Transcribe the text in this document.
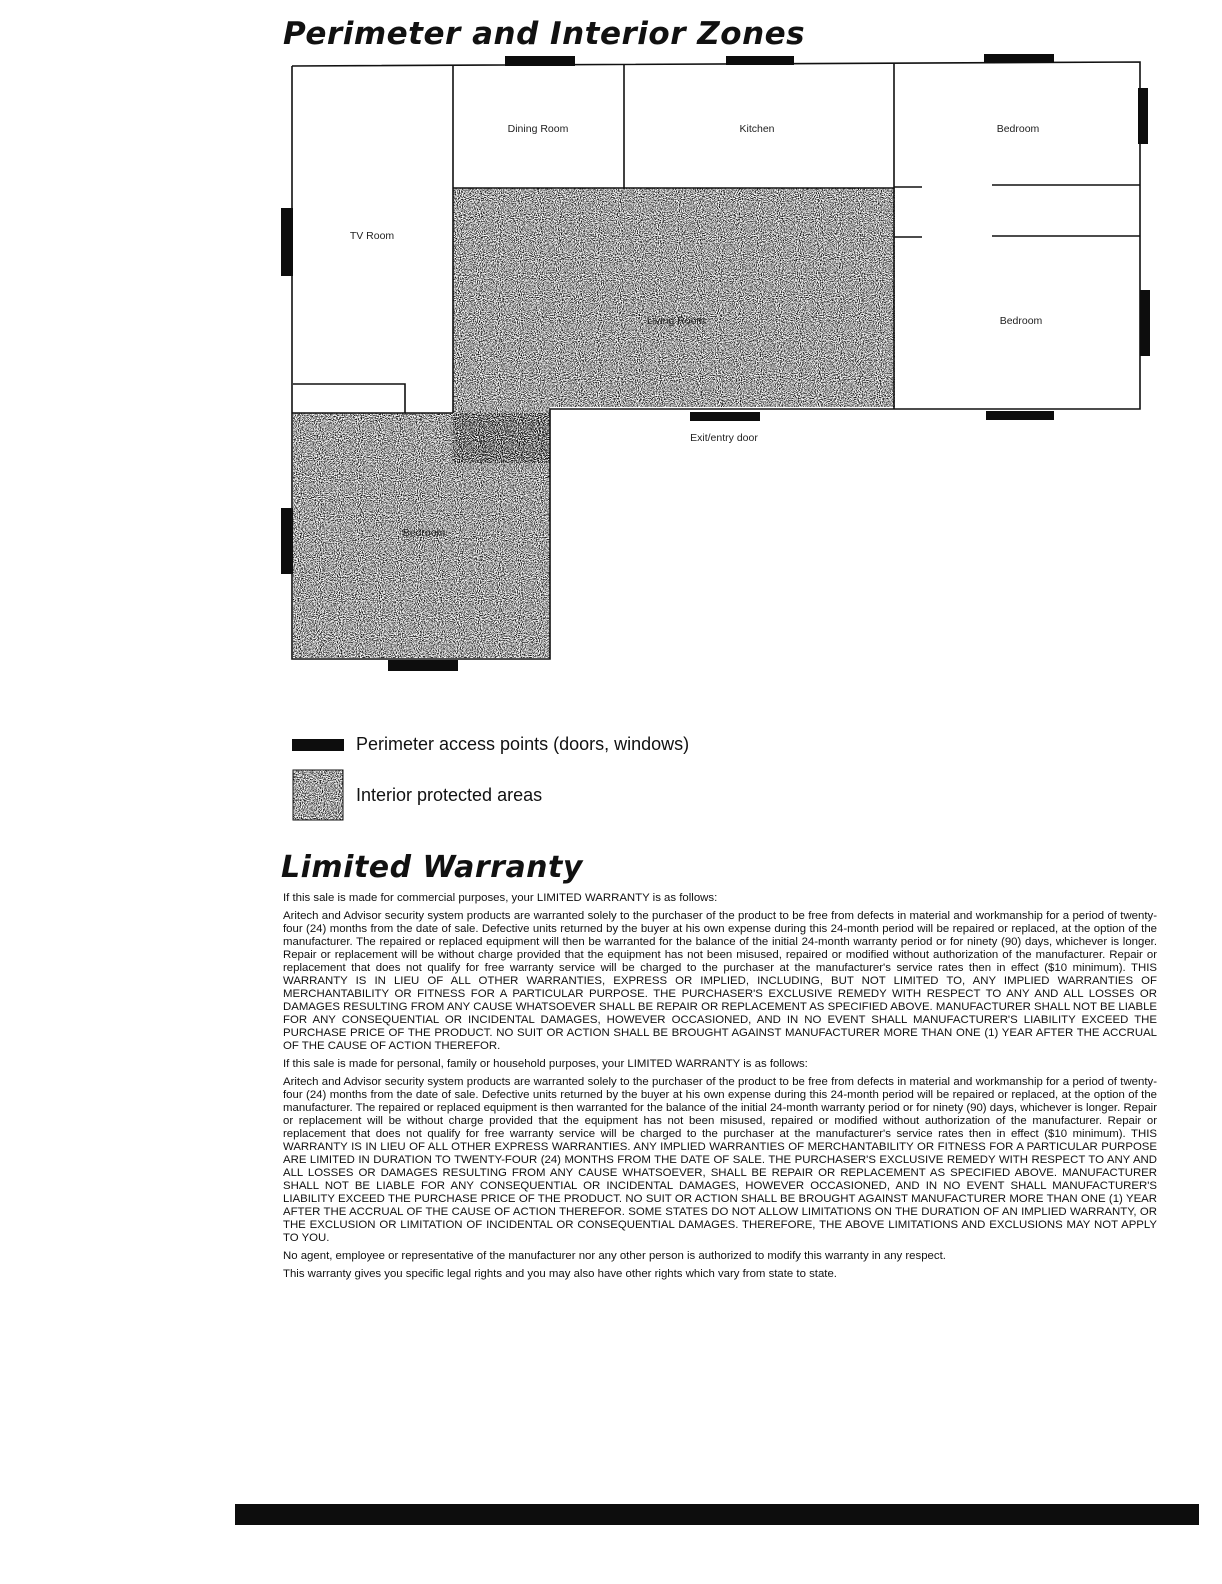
Perimeter and Interior Zones
Dining Room	Kitchen	Bedroom
TV Room
Living Room	Bedroom
Bedroom
Exit/entry door
Perimeter access points (doors, windows)
Interior protected areas
Limited Warranty

If this sale is made for commercial purposes, your LIMITED WARRANTY is as follows:

Aritech and Advisor security system products are warranted solely to the purchaser of the product to be free from defects in material and workmanship for a period of twenty-four (24) months from the date of sale. Defective units returned by the buyer at his own expense during this 24-month period will be repaired or replaced, at the option of the manufacturer. The repaired or replaced equipment will then be warranted for the balance of the initial 24-month warranty period or for ninety (90) days, whichever is longer. Repair or replacement will be without charge provided that the equipment has not been misused, repaired or modified without authorization of the manufacturer. Repair or replacement that does not qualify for free warranty service will be charged to the purchaser at the manufacturer's service rates then in effect ($10 minimum). THIS WARRANTY IS IN LIEU OF ALL OTHER WARRANTIES, EXPRESS OR IMPLIED, INCLUDING, BUT NOT LIMITED TO, ANY IMPLIED WARRANTIES OF MERCHANTABILITY OR FITNESS FOR A PARTICULAR PURPOSE. THE PURCHASER'S EXCLUSIVE REMEDY WITH RESPECT TO ANY AND ALL LOSSES OR DAMAGES RESULTING FROM ANY CAUSE WHATSOEVER SHALL BE REPAIR OR REPLACEMENT AS SPECIFIED ABOVE. MANUFACTURER SHALL NOT BE LIABLE FOR ANY CONSEQUENTIAL OR INCIDENTAL DAMAGES, HOWEVER OCCASIONED, AND IN NO EVENT SHALL MANUFACTURER'S LIABILITY EXCEED THE PURCHASE PRICE OF THE PRODUCT. NO SUIT OR ACTION SHALL BE BROUGHT AGAINST MANUFACTURER MORE THAN ONE (1) YEAR AFTER THE ACCRUAL OF THE CAUSE OF ACTION THEREFOR.

If this sale is made for personal, family or household purposes, your LIMITED WARRANTY is as follows:

Aritech and Advisor security system products are warranted solely to the purchaser of the product to be free from defects in material and workmanship for a period of twenty-four (24) months from the date of sale. Defective units returned by the buyer at his own expense during this 24-month period will be repaired or replaced, at the option of the manufacturer. The repaired or replaced equipment is then warranted for the balance of the initial 24-month warranty period or for ninety (90) days, whichever is longer. Repair or replacement will be without charge provided that the equipment has not been misused, repaired or modified without authorization of the manufacturer. Repair or replacement that does not qualify for free warranty service will be charged to the purchaser at the manufacturer's service rates then in effect ($10 minimum). THIS WARRANTY IS IN LIEU OF ALL OTHER EXPRESS WARRANTIES. ANY IMPLIED WARRANTIES OF MERCHANTABILITY OR FITNESS FOR A PARTICULAR PURPOSE ARE LIMITED IN DURATION TO TWENTY-FOUR (24) MONTHS FROM THE DATE OF SALE. THE PURCHASER'S EXCLUSIVE REMEDY WITH RESPECT TO ANY AND ALL LOSSES OR DAMAGES RESULTING FROM ANY CAUSE WHATSOEVER, SHALL BE REPAIR OR REPLACEMENT AS SPECIFIED ABOVE. MANUFACTURER SHALL NOT BE LIABLE FOR ANY CONSEQUENTIAL OR INCIDENTAL DAMAGES, HOWEVER OCCASIONED, AND IN NO EVENT SHALL MANUFACTURER'S LIABILITY EXCEED THE PURCHASE PRICE OF THE PRODUCT. NO SUIT OR ACTION SHALL BE BROUGHT AGAINST MANUFACTURER MORE THAN ONE (1) YEAR AFTER THE ACCRUAL OF THE CAUSE OF ACTION THEREFOR. SOME STATES DO NOT ALLOW LIMITATIONS ON THE DURATION OF AN IMPLIED WARRANTY, OR THE EXCLUSION OR LIMITATION OF INCIDENTAL OR CONSEQUENTIAL DAMAGES. THEREFORE, THE ABOVE LIMITATIONS AND EXCLUSIONS MAY NOT APPLY TO YOU.

No agent, employee or representative of the manufacturer nor any other person is authorized to modify this warranty in any respect.

This warranty gives you specific legal rights and you may also have other rights which vary from state to state.
